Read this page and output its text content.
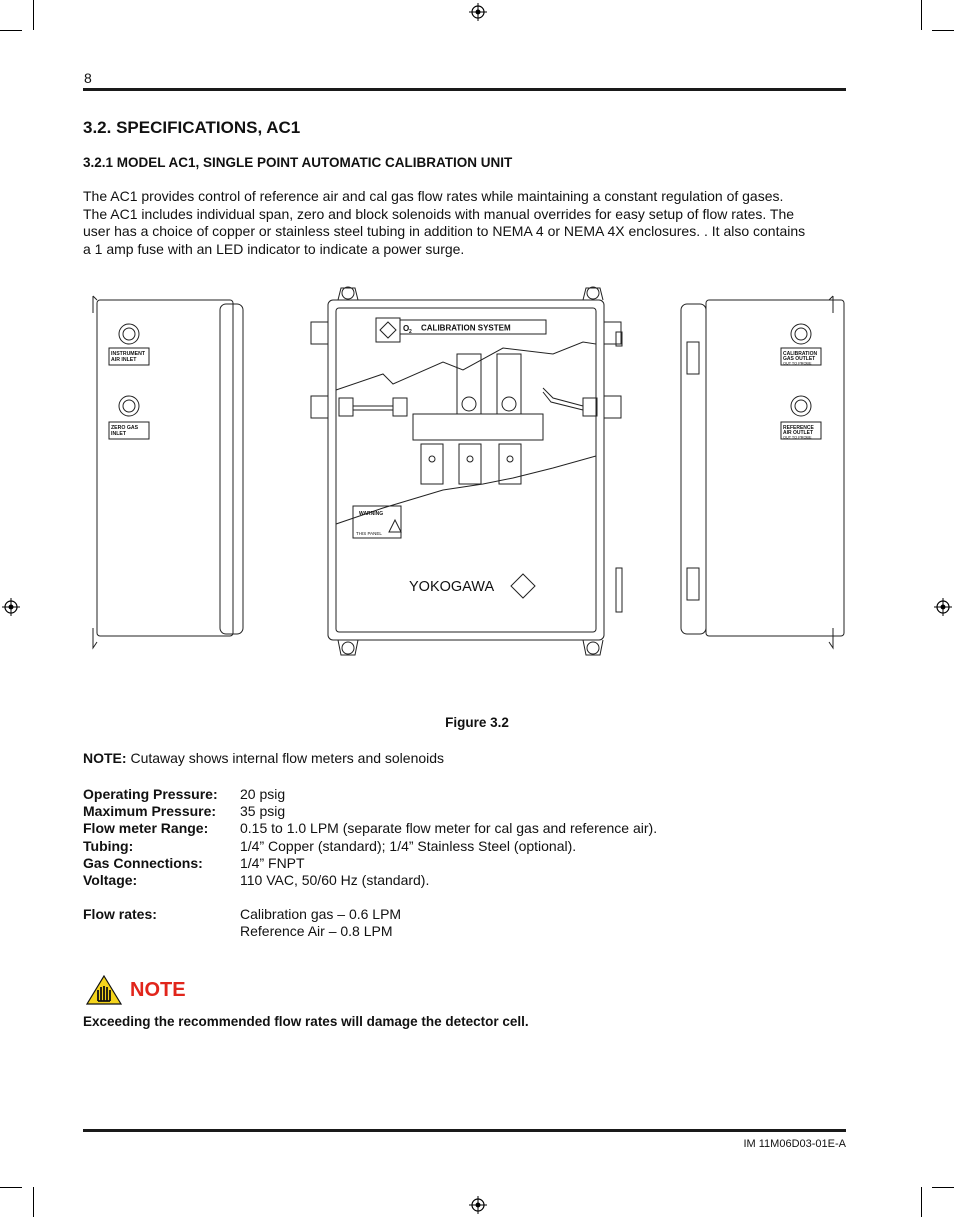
8
3.2. SPECIFICATIONS, AC1
3.2.1 MODEL AC1, SINGLE POINT AUTOMATIC CALIBRATION UNIT
The AC1 provides control of reference air and cal gas flow rates while maintaining a constant regulation of gases.
The AC1 includes individual span, zero and block solenoids with manual overrides for easy setup of flow rates. The
user has a choice of copper or stainless steel tubing in addition to NEMA 4 or NEMA 4X enclosures. . It also contains
a 1 amp fuse with an LED indicator to indicate a power surge.
INSTRUMENT
AIR INLET
ZERO GAS
INLET
O 2 CALIBRATION SYSTEM
WARNING
THIS PANEL
YOKOGAWA
CALIBRATION
GAS OUTLET
OUT TO PROBE
REFERENCE
AIR OUTLET
OUT TO PROBE
Figure 3.2
NOTE: Cutaway shows internal flow meters and solenoids
Operating Pressure:	20 psig
Maximum Pressure:	35 psig
Flow meter Range:	0.15 to 1.0 LPM (separate flow meter for cal gas and reference air).
Tubing:	1/4” Copper (standard); 1/4” Stainless Steel (optional).
Gas Connections:	1/4” FNPT
Voltage:	110 VAC, 50/60 Hz (standard).
Flow rates:	Calibration gas – 0.6 LPM
Reference Air – 0.8 LPM
NOTE
Exceeding the recommended flow rates will damage the detector cell.
IM 11M06D03-01E-A
